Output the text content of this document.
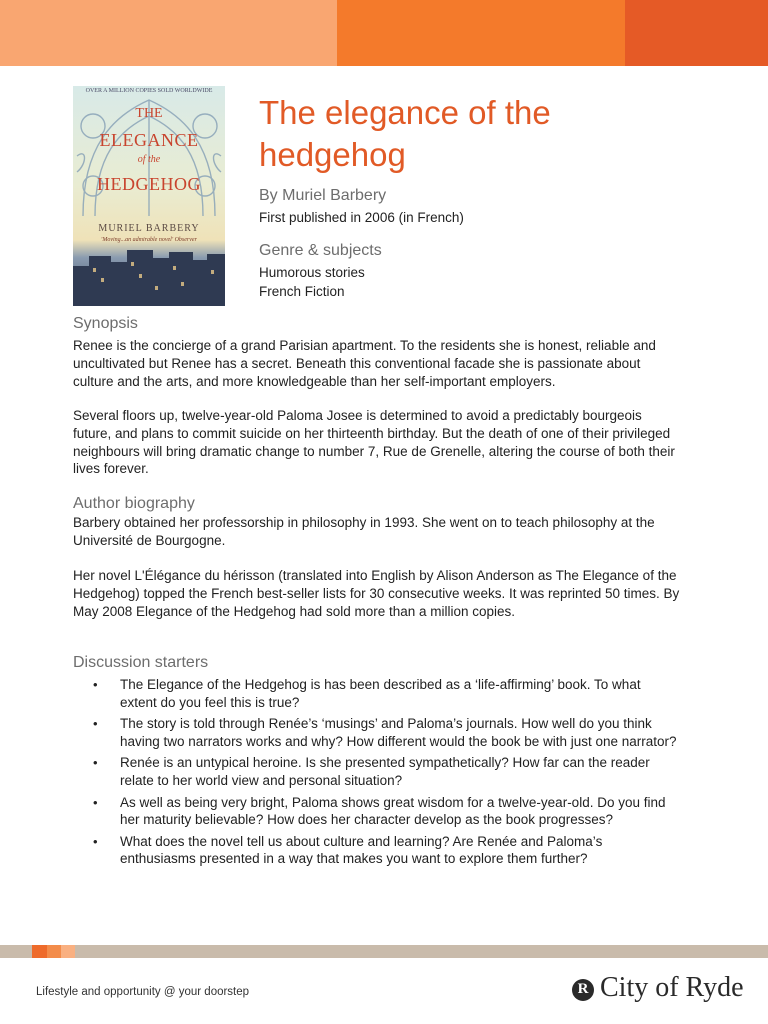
OVER A MILLION COPIES SOLD WORLDWIDE
THE
ELEGANCE
of the
HEDGEHOG
MURIEL BARBERY
'Moving...an admirable novel' Observer
The elegance of the hedgehog
By Muriel Barbery
First published in 2006 (in French)
Genre & subjects
Humorous stories
French Fiction
Synopsis

Renee is the concierge of a grand Parisian apartment. To the residents she is honest, reliable and uncultivated but Renee has a secret. Beneath this conventional facade she is passionate about culture and the arts, and more knowledgeable than her self-important employers.

Several floors up, twelve-year-old Paloma Josee is determined to avoid a predictably bourgeois future, and plans to commit suicide on her thirteenth birthday. But the death of one of their privileged neighbours will bring dramatic change to number 7, Rue de Grenelle, altering the course of both their lives forever.

Author biography

Barbery obtained her professorship in philosophy in 1993. She went on to teach philosophy at the Université de Bourgogne.

Her novel L'Élégance du hérisson (translated into English by Alison Anderson as The Elegance of the Hedgehog) topped the French best-seller lists for 30 consecutive weeks. It was reprinted 50 times. By May 2008 Elegance of the Hedgehog had sold more than a million copies.

Discussion starters
• The Elegance of the Hedgehog is has been described as a ‘life-affirming’ book. To what extent do you feel this is true?
• The story is told through Renée’s ‘musings’ and Paloma’s journals. How well do you think having two narrators works and why? How different would the book be with just one narrator?
• Renée is an untypical heroine. Is she presented sympathetically? How far can the reader relate to her world view and personal situation?
• As well as being very bright, Paloma shows great wisdom for a twelve-year-old. Do you find her maturity believable? How does her character develop as the book progresses?
• What does the novel tell us about culture and learning? Are Renée and Paloma’s enthusiasms presented in a way that makes you want to explore them further?
Lifestyle and opportunity @ your doorstep	R City of Ryde
